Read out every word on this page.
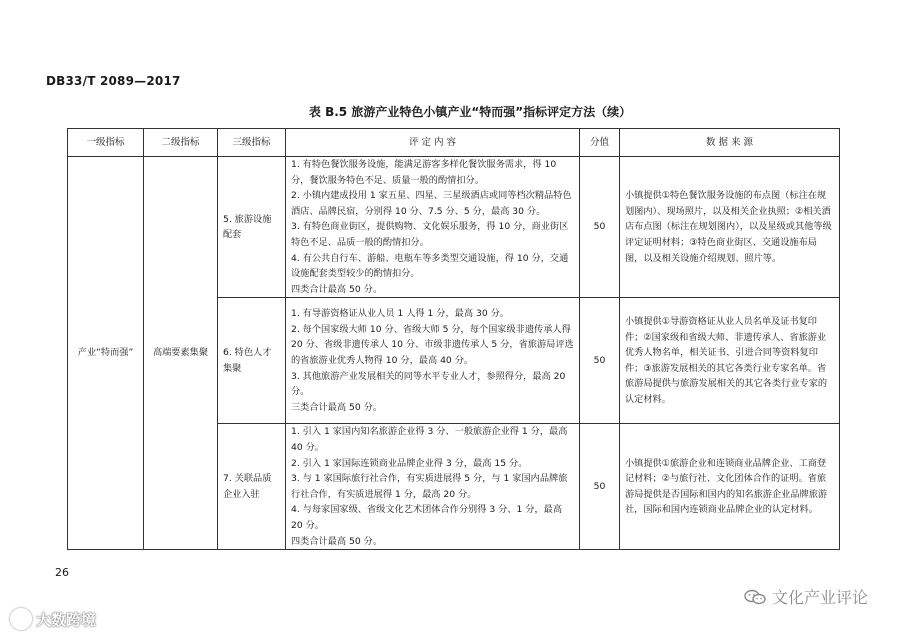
DB33/T 2089—2017
表 B.5 旅游产业特色小镇产业“特而强”指标评定方法（续）
一级指标	二级指标	三级指标	评 定 内 容	分值	数 据 来 源
产业“特而强”	高端要素集聚	5. 旅游设施配套	1. 有特色餐饮服务设施，能满足游客多样化餐饮服务需求，得 10 分，餐饮服务特色不足、质量一般的酌情扣分。
2. 小镇内建成投用 1 家五星、四星、三星级酒店或同等档次精品特色酒店、品牌民宿，分别得 10 分、7.5 分、5 分，最高 30 分。
3. 有特色商业街区，提供购物、文化娱乐服务，得 10 分，商业街区特色不足、品质一般的酌情扣分。
4. 有公共自行车、游船、电瓶车等多类型交通设施，得 10 分，交通设施配套类型较少的酌情扣分。
四类合计最高 50 分。	50	小镇提供①特色餐饮服务设施的布点图（标注在规划图内）、现场照片，以及相关企业执照；②相关酒店布点图（标注在规划图内），以及星级或其他等级评定证明材料；③特色商业街区、交通设施布局图，以及相关设施介绍规划、照片等。
		6. 特色人才集聚	1. 有导游资格证从业人员 1 人得 1 分，最高 30 分。
2. 每个国家级大师 10 分、省级大师 5 分，每个国家级非遗传承人得 20 分、省级非遗传承人 10 分、市级非遗传承人 5 分，省旅游局评选的省旅游业优秀人物得 10 分，最高 40 分。
3. 其他旅游产业发展相关的同等水平专业人才，参照得分，最高 20 分。
三类合计最高 50 分。	50	小镇提供①导游资格证从业人员名单及证书复印件；②国家级和省级大师、非遗传承人、省旅游业优秀人物名单，相关证书、引进合同等资料复印件；③旅游发展相关的其它各类行业专家名单。省旅游局提供与旅游发展相关的其它各类行业专家的认定材料。
		7. 关联品质企业入驻	1. 引入 1 家国内知名旅游企业得 3 分、一般旅游企业得 1 分，最高 40 分。
2. 引入 1 家国际连锁商业品牌企业得 3 分，最高 15 分。
3. 与 1 家国际旅行社合作，有实质进展得 5 分，与 1 家国内品牌旅行社合作，有实质进展得 1 分，最高 20 分。
4. 与每家国家级、省级文化艺术团体合作分别得 3 分、1 分，最高 20 分。
四类合计最高 50 分。	50	小镇提供①旅游企业和连锁商业品牌企业、工商登记材料；②与旅行社、文化团体合作的证明。省旅游局提供是否国际和国内的知名旅游企业品牌旅游社，国际和国内连锁商业品牌企业的认定材料。
26
大数跨境
文化产业评论
